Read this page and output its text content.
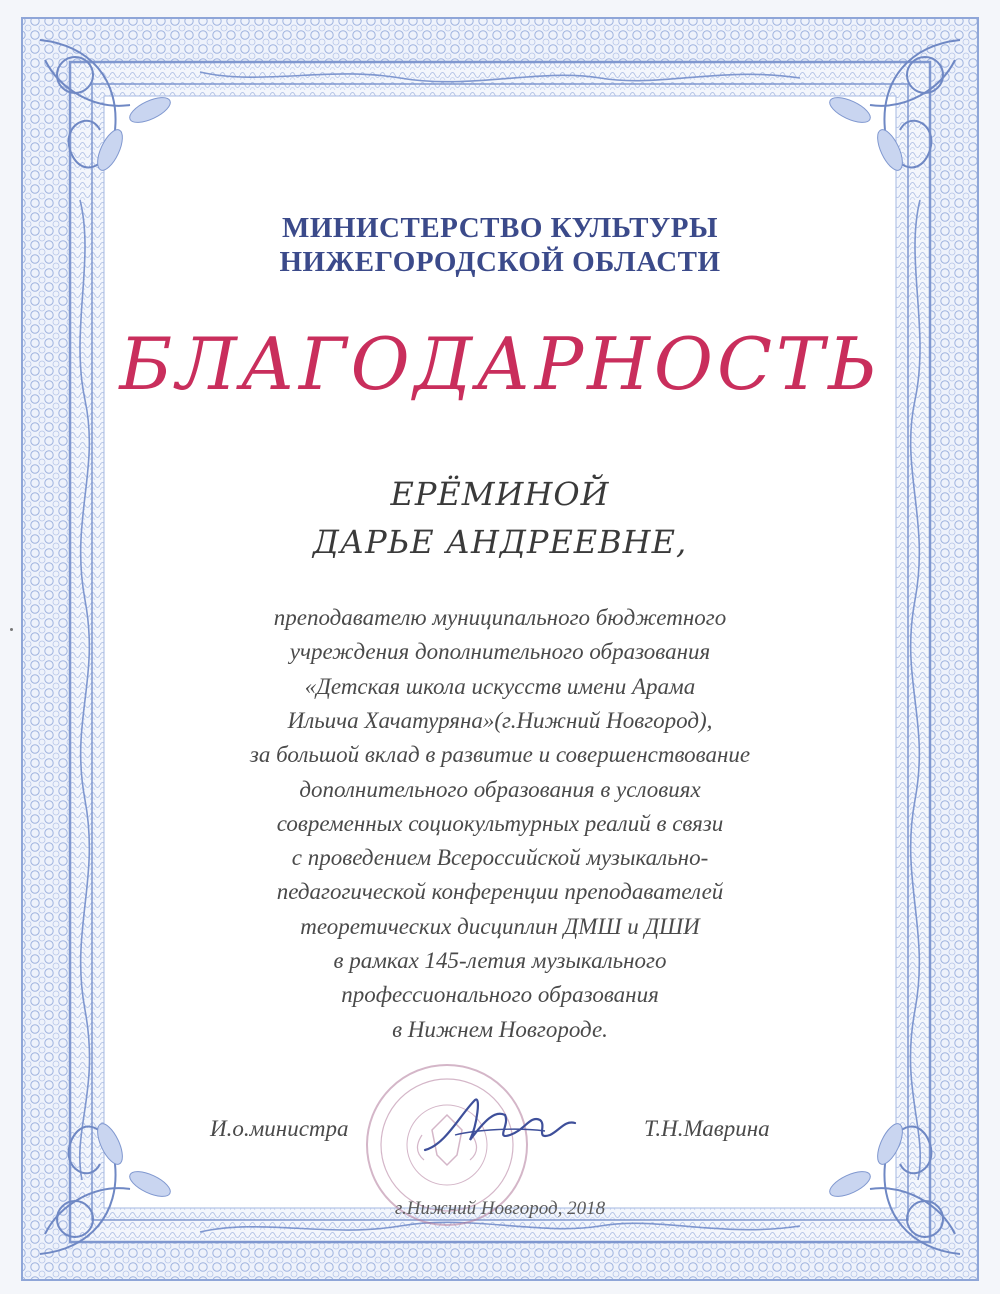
МИНИСТЕРСТВО КУЛЬТУРЫ
НИЖЕГОРОДСКОЙ ОБЛАСТИ
БЛАГОДАРНОСТЬ
ЕРЁМИНОЙ
ДАРЬЕ АНДРЕЕВНЕ,
преподавателю муниципального бюджетного
учреждения дополнительного образования
«Детская школа искусств имени Арама
Ильича Хачатуряна»(г.Нижний Новгород),
за большой вклад в развитие и совершенствование
дополнительного образования в условиях
современных социокультурных реалий в связи
с проведением Всероссийской музыкально-
педагогической конференции преподавателей
теоретических дисциплин ДМШ и ДШИ
в рамках 145-летия музыкального
профессионального образования
в Нижнем Новгороде.
И.о.министра	Т.Н.Маврина
г.Нижний Новгород, 2018
